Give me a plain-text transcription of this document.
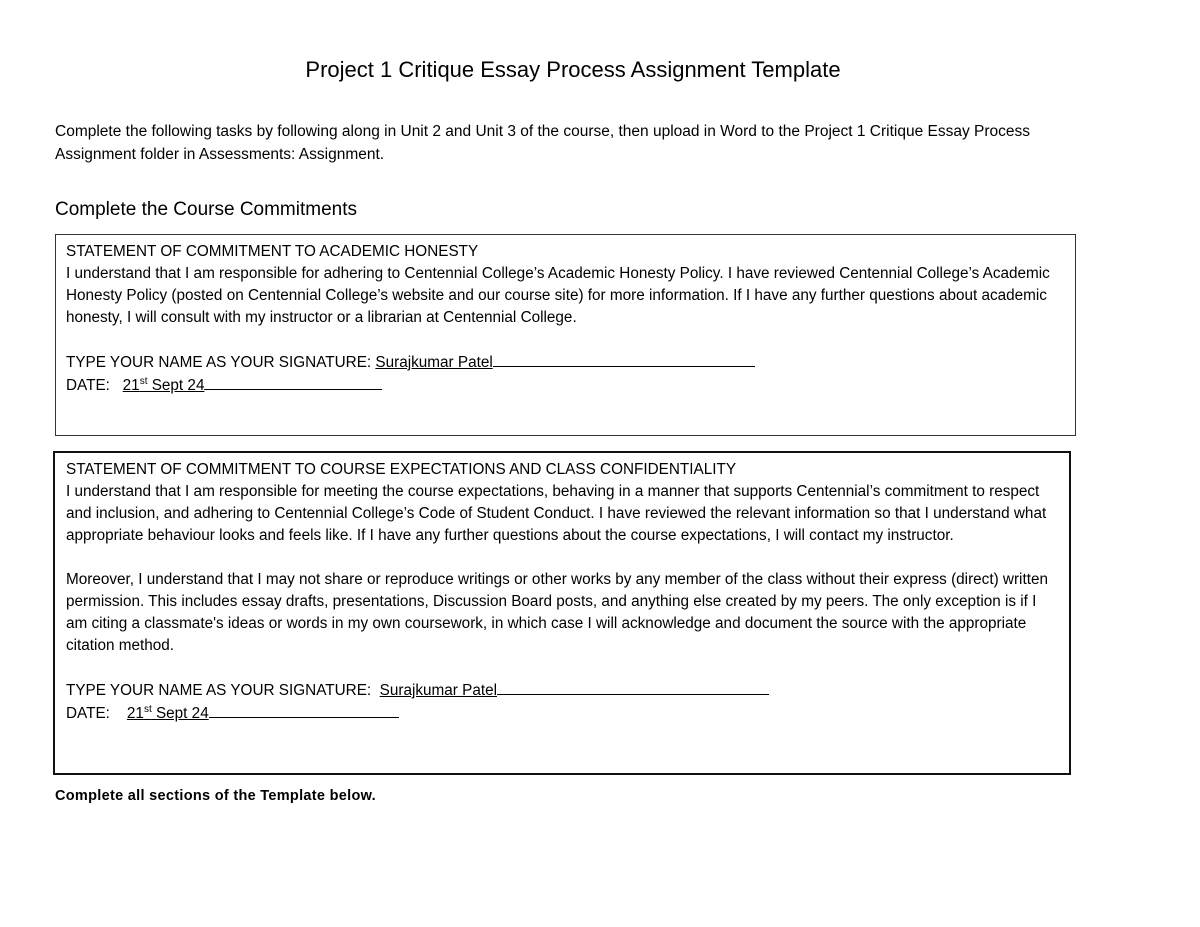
Project 1 Critique Essay Process Assignment Template
Complete the following tasks by following along in Unit 2 and Unit 3 of the course, then upload in Word to the Project 1 Critique Essay Process Assignment folder in Assessments: Assignment.
Complete the Course Commitments
STATEMENT OF COMMITMENT TO ACADEMIC HONESTY
I understand that I am responsible for adhering to Centennial College’s Academic Honesty Policy. I have reviewed Centennial College’s Academic Honesty Policy (posted on Centennial College’s website and our course site) for more information. If I have any further questions about academic honesty, I will consult with my instructor or a librarian at Centennial College.
TYPE YOUR NAME AS YOUR SIGNATURE: Surajkumar Patel
DATE: 21st Sept 24
STATEMENT OF COMMITMENT TO COURSE EXPECTATIONS AND CLASS CONFIDENTIALITY
I understand that I am responsible for meeting the course expectations, behaving in a manner that supports Centennial’s commitment to respect and inclusion, and adhering to Centennial College’s Code of Student Conduct. I have reviewed the relevant information so that I understand what appropriate behaviour looks and feels like. If I have any further questions about the course expectations, I will contact my instructor.
Moreover, I understand that I may not share or reproduce writings or other works by any member of the class without their express (direct) written permission. This includes essay drafts, presentations, Discussion Board posts, and anything else created by my peers. The only exception is if I am citing a classmate's ideas or words in my own coursework, in which case I will acknowledge and document the source with the appropriate citation method.
TYPE YOUR NAME AS YOUR SIGNATURE: Surajkumar Patel
DATE: 21st Sept 24
Complete all sections of the Template below.
